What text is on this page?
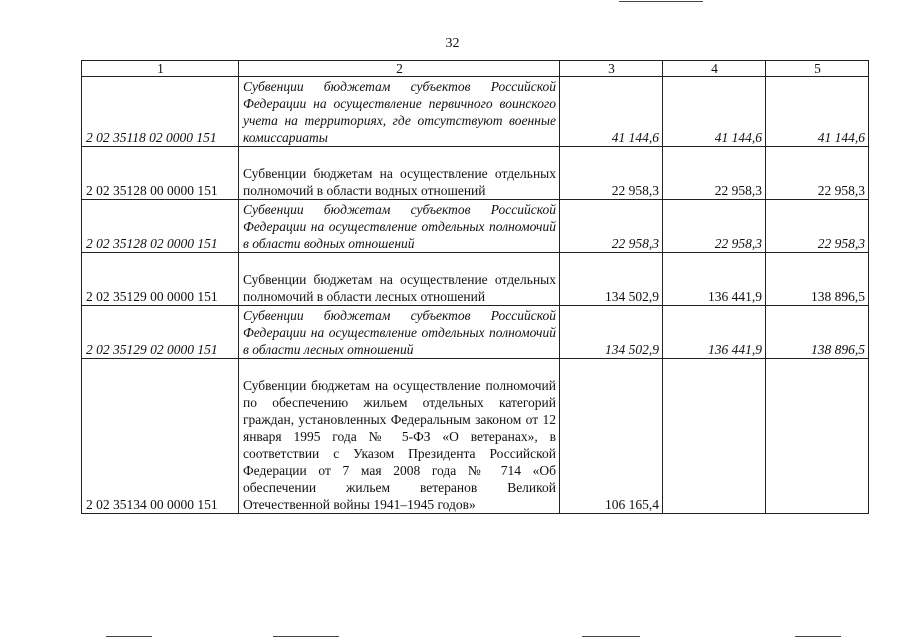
32
1	2	3	4	5
2 02 35118 02 0000 151	Субвенции бюджетам субъектов Российской Федерации на осуществление первичного воинского учета на территориях, где отсутствуют военные комиссариаты	41 144,6	41 144,6	41 144,6
2 02 35128 00 0000 151	Субвенции бюджетам на осуществление отдельных полномочий в области водных отношений	22 958,3	22 958,3	22 958,3
2 02 35128 02 0000 151	Субвенции бюджетам субъектов Российской Федерации на осуществление отдельных полномочий в области водных отношений	22 958,3	22 958,3	22 958,3
2 02 35129 00 0000 151	Субвенции бюджетам на осуществление отдельных полномочий в области лесных отношений	134 502,9	136 441,9	138 896,5
2 02 35129 02 0000 151	Субвенции бюджетам субъектов Российской Федерации на осуществление отдельных полномочий в области лесных отношений	134 502,9	136 441,9	138 896,5
2 02 35134 00 0000 151	Субвенции бюджетам на осуществление полномочий по обеспечению жильем отдельных категорий граждан, установленных Федеральным законом от 12 января 1995 года № 5-ФЗ «О ветеранах», в соответствии с Указом Президента Российской Федерации от 7 мая 2008 года № 714 «Об обеспечении жильем ветеранов Великой Отечественной войны 1941–1945 годов»	106 165,4		
